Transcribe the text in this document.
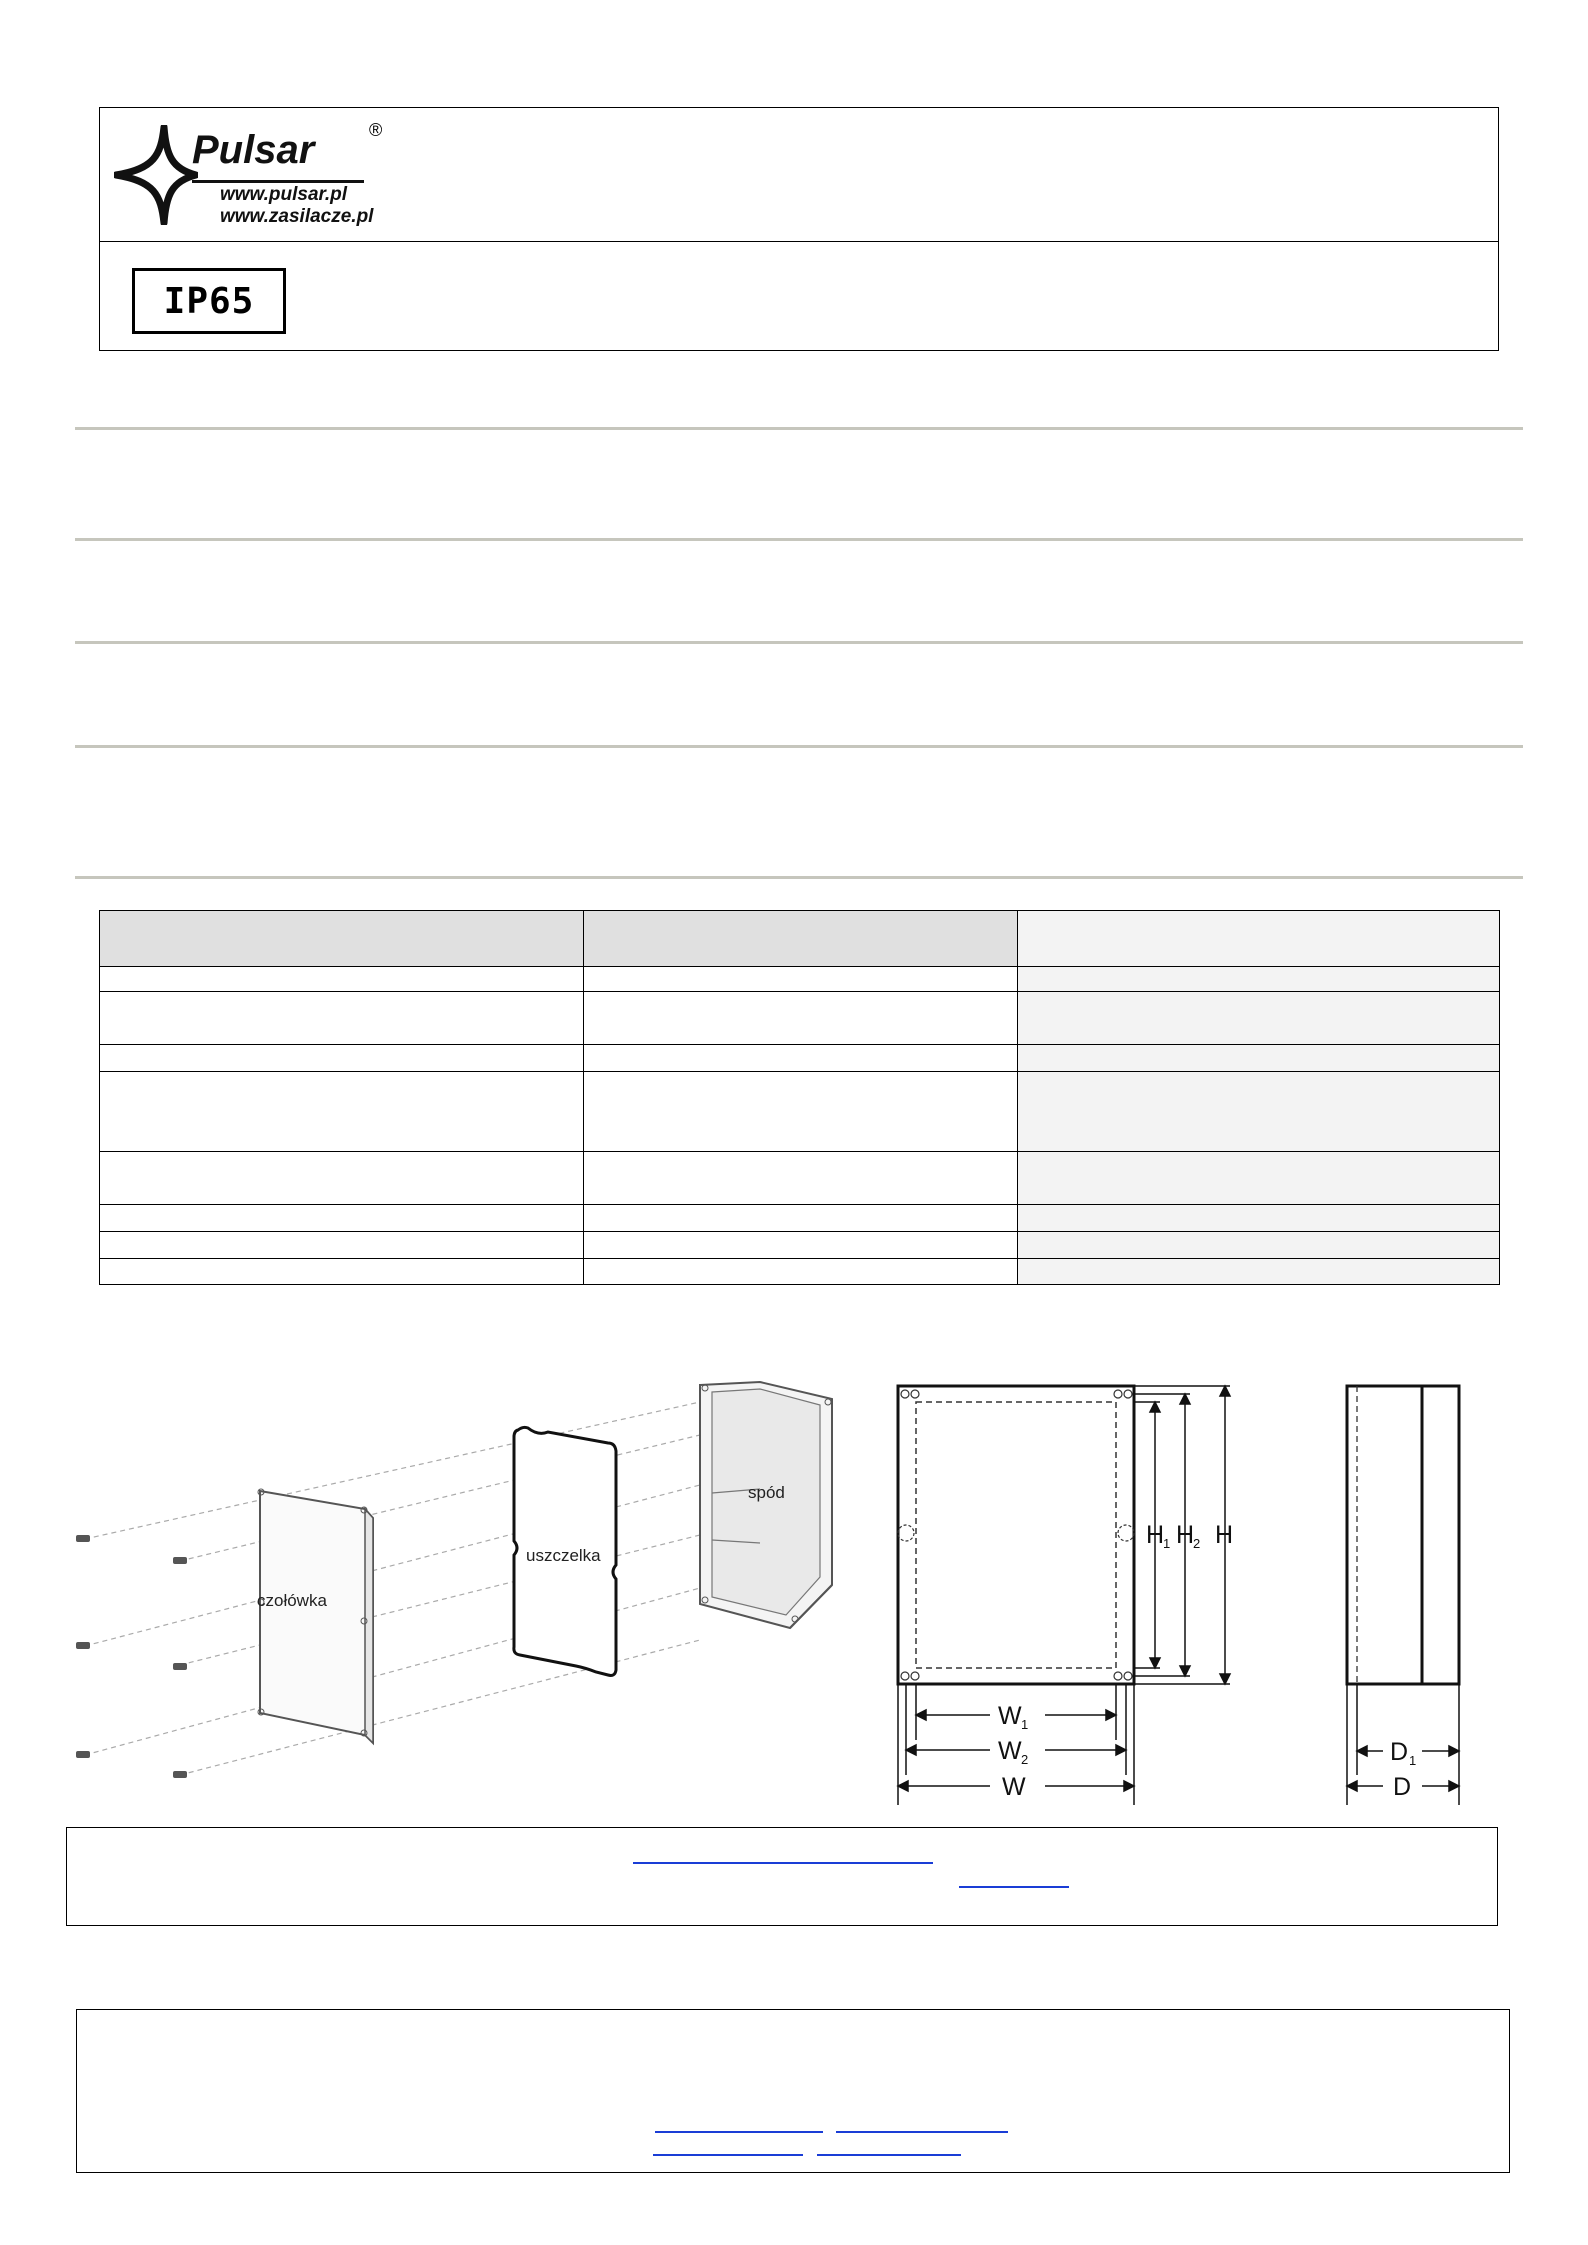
Pulsar	®
www.pulsar.pl
www.zasilacze.pl
IP65

czołówka
uszczelka
spód
H
1 H
2 H
W 1
W 2
W
D 1
D
